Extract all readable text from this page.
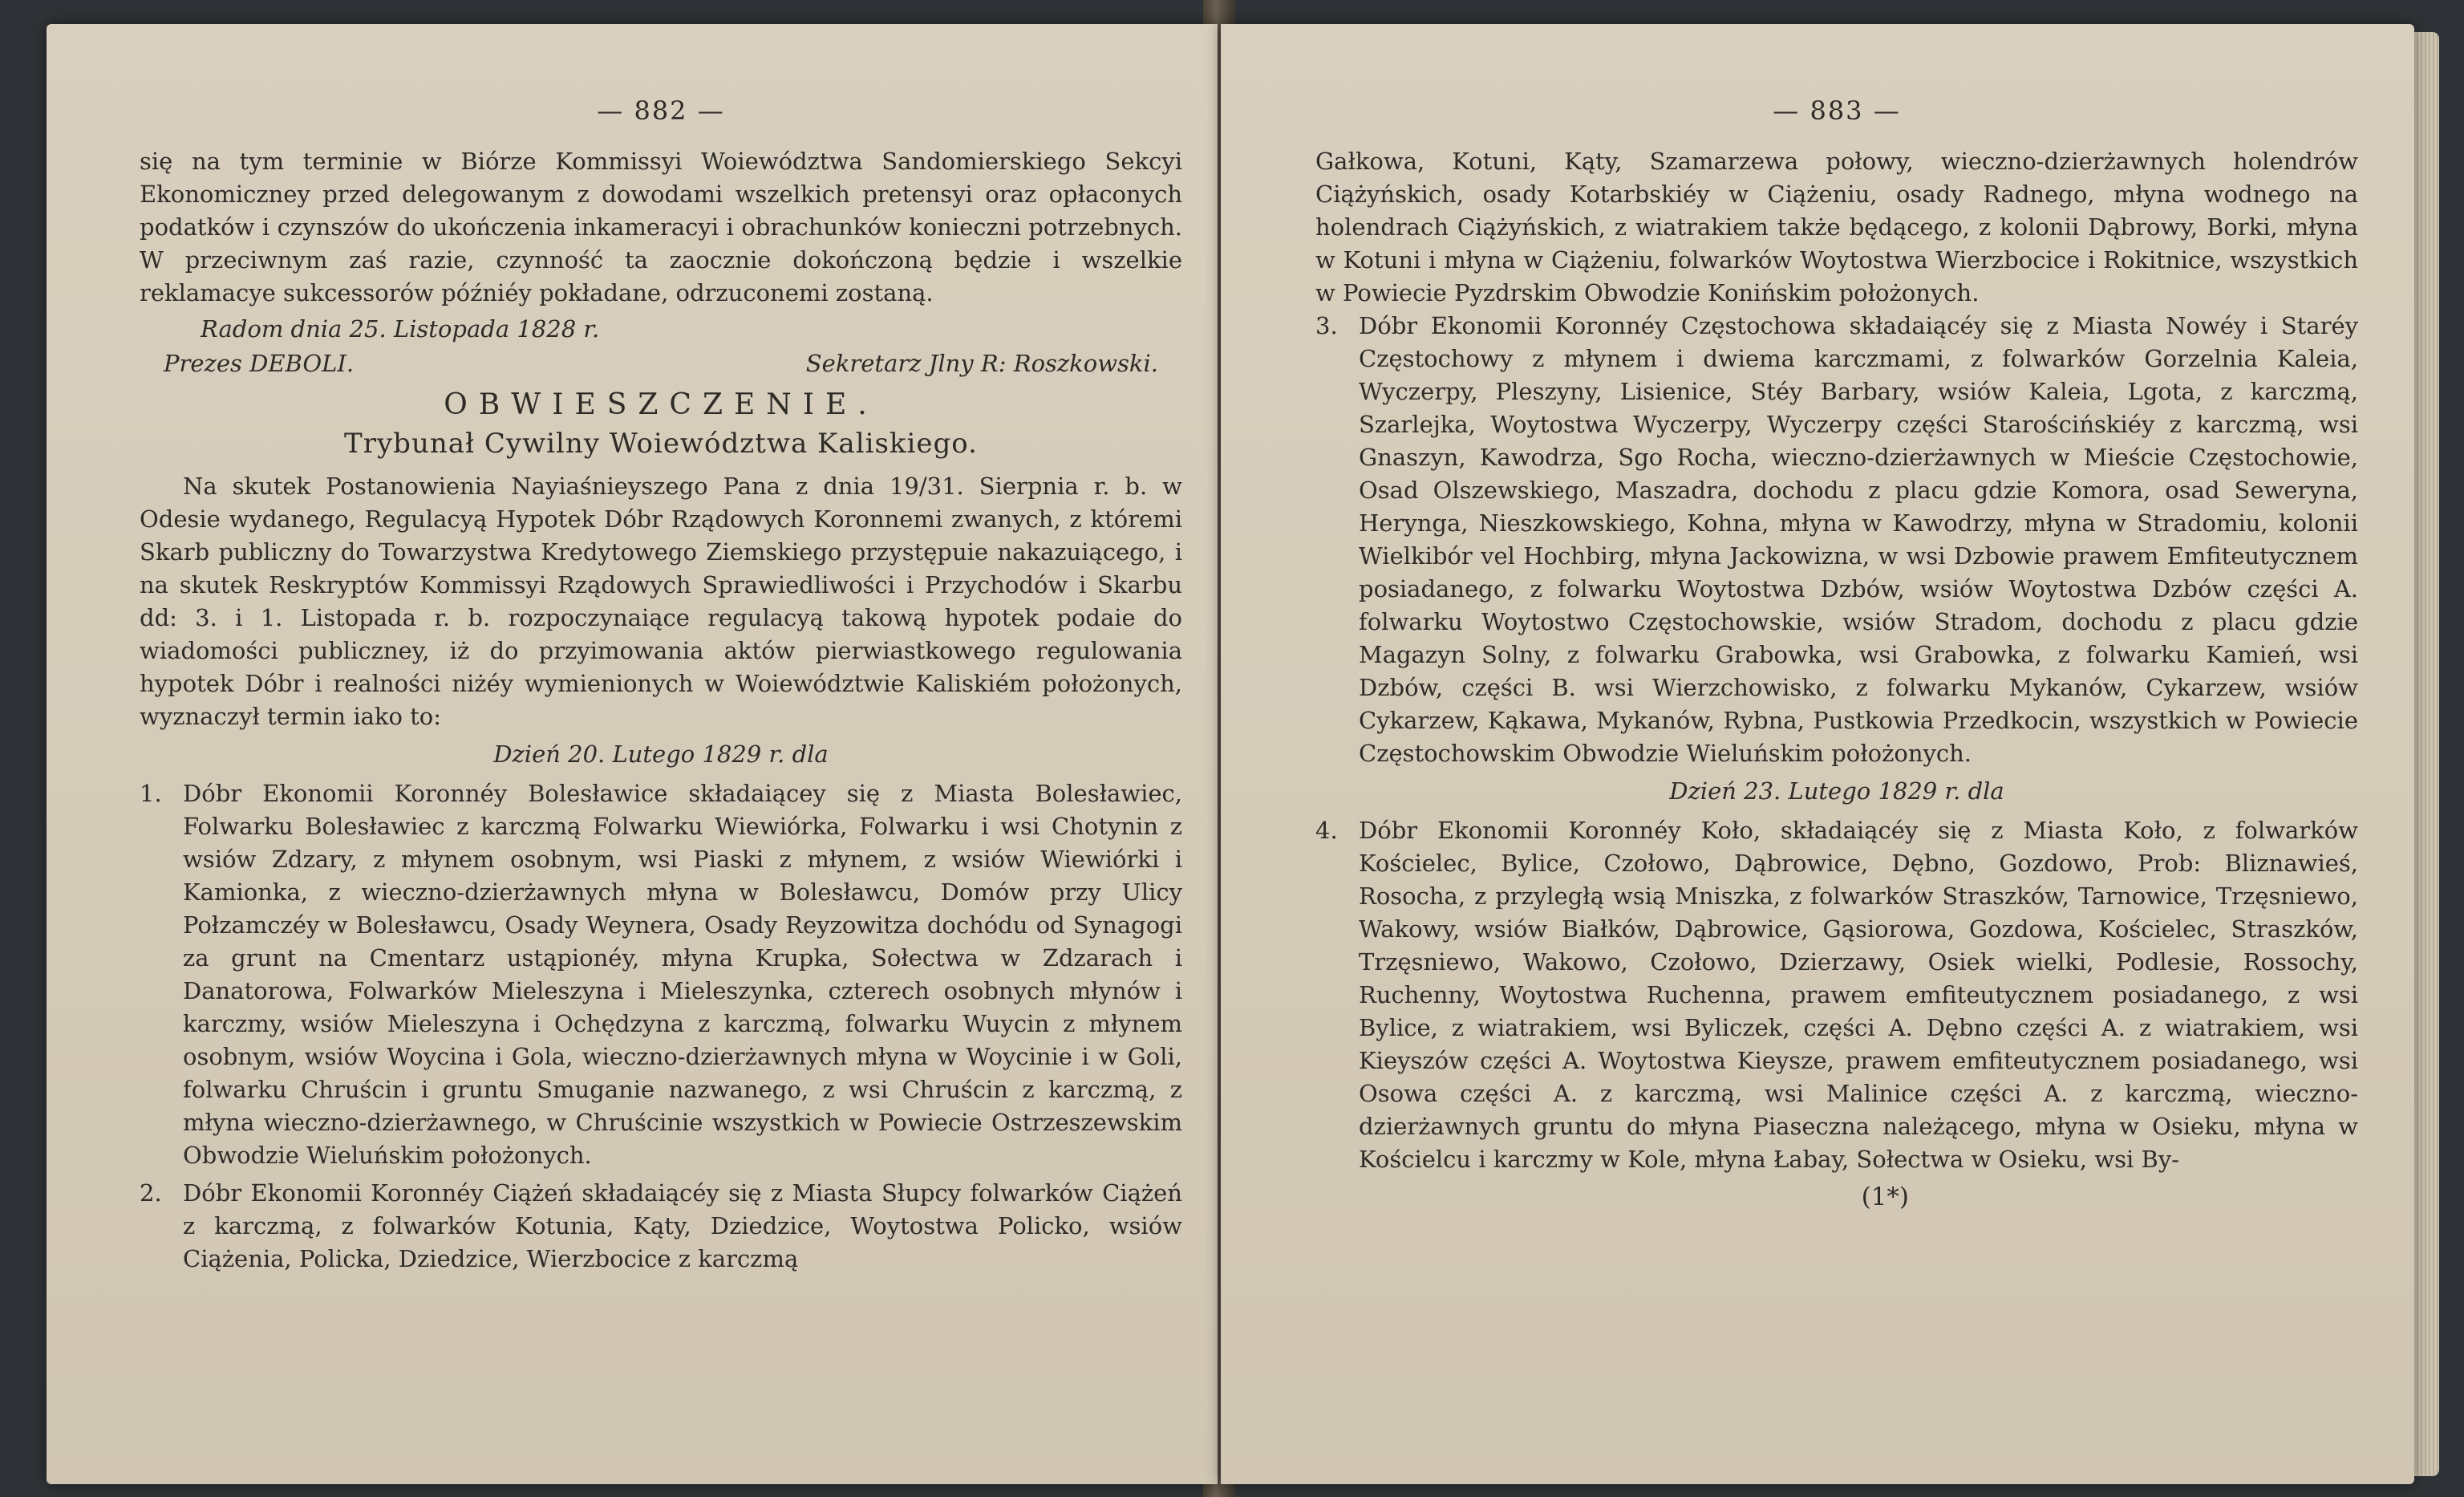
— 882 —

się na tym terminie w Biórze Kommissyi Woiewództwa Sandomierskiego Sekcyi Ekonomiczney przed delegowanym z dowodami wszelkich pretensyi oraz opłaconych podatków i czynszów do ukończenia inkameracyi i obrachunków konieczni potrzebnych. W przeciwnym zaś razie, czynność ta zaocznie dokończoną będzie i wszelkie reklamacye sukcessorów późniéy pokładane, odrzuconemi zostaną.

Radom dnia 25. Listopada 1828 r.
Prezes DEBOLI.	Sekretarz Jlny R: Roszkowski.
OBWIESZCZENIE.
Trybunał Cywilny Woiewództwa Kaliskiego.

Na skutek Postanowienia Nayiaśnieyszego Pana z dnia 19/31. Sierpnia r. b. w Odesie wydanego, Regulacyą Hypotek Dóbr Rządowych Koronnemi zwanych, z któremi Skarb publiczny do Towarzystwa Kredytowego Ziemskiego przystępuie nakazuiącego, i na skutek Reskryptów Kommissyi Rządowych Sprawiedliwości i Przychodów i Skarbu dd: 3. i 1. Listopada r. b. rozpoczynaiące regulacyą takową hypotek podaie do wiadomości publiczney, iż do przyimowania aktów pierwiastkowego regulowania hypotek Dóbr i realności niżéy wymienionych w Woiewództwie Kaliskiém położonych, wyznaczył termin iako to:

Dzień 20. Lutego 1829 r. dla
1. Dóbr Ekonomii Koronnéy Bolesławice składaiącey się z Miasta Bolesławiec, Folwarku Bolesławiec z karczmą Folwarku Wiewiórka, Folwarku i wsi Chotynin z wsiów Zdzary, z młynem osobnym, wsi Piaski z młynem, z wsiów Wiewiórki i Kamionka, z wieczno-dzierżawnych młyna w Bolesławcu, Domów przy Ulicy Połzamczéy w Bolesławcu, Osady Weynera, Osady Reyzowitza dochódu od Synagogi za grunt na Cmentarz ustąpionéy, młyna Krupka, Sołectwa w Zdzarach i Danatorowa, Folwarków Mieleszyna i Mieleszynka, czterech osobnych młynów i karczmy, wsiów Mieleszyna i Ochędzyna z karczmą, folwarku Wuycin z młynem osobnym, wsiów Woycina i Gola, wieczno-dzierżawnych młyna w Woycinie i w Goli, folwarku Chruścin i gruntu Smuganie nazwanego, z wsi Chruścin z karczmą, z młyna wieczno-dzierżawnego, w Chruścinie wszystkich w Powiecie Ostrzeszewskim Obwodzie Wieluńskim położonych.
2. Dóbr Ekonomii Koronnéy Ciążeń składaiącéy się z Miasta Słupcy folwarków Ciążeń z karczmą, z folwarków Kotunia, Kąty, Dziedzice, Woytostwa Policko, wsiów Ciążenia, Policka, Dziedzice, Wierzbocice z karczmą
— 883 —

Gałkowa, Kotuni, Kąty, Szamarzewa połowy, wieczno-dzierżawnych holendrów Ciążyńskich, osady Kotarbskiéy w Ciążeniu, osady Radnego, młyna wodnego na holendrach Ciążyńskich, z wiatrakiem także będącego, z kolonii Dąbrowy, Borki, młyna w Kotuni i młyna w Ciążeniu, folwarków Woytostwa Wierzbocice i Rokitnice, wszystkich w Powiecie Pyzdrskim Obwodzie Konińskim położonych.

3. Dóbr Ekonomii Koronnéy Częstochowa składaiącéy się z Miasta Nowéy i Staréy Częstochowy z młynem i dwiema karczmami, z folwarków Gorzelnia Kaleia, Wyczerpy, Pleszyny, Lisienice, Stéy Barbary, wsiów Kaleia, Lgota, z karczmą, Szarlejka, Woytostwa Wyczerpy, Wyczerpy części Starościńskiéy z karczmą, wsi Gnaszyn, Kawodrza, Sgo Rocha, wieczno-dzierżawnych w Mieście Częstochowie, Osad Olszewskiego, Maszadra, dochodu z placu gdzie Komora, osad Seweryna, Herynga, Nieszkowskiego, Kohna, młyna w Kawodrzy, młyna w Stradomiu, kolonii Wielkibór vel Hochbirg, młyna Jackowizna, w wsi Dzbowie prawem Emfiteutycznem posiadanego, z folwarku Woytostwa Dzbów, wsiów Woytostwa Dzbów części A. folwarku Woytostwo Częstochowskie, wsiów Stradom, dochodu z placu gdzie Magazyn Solny, z folwarku Grabowka, wsi Grabowka, z folwarku Kamień, wsi Dzbów, części B. wsi Wierzchowisko, z folwarku Mykanów, Cykarzew, wsiów Cykarzew, Kąkawa, Mykanów, Rybna, Pustkowia Przedkocin, wszystkich w Powiecie Częstochowskim Obwodzie Wieluńskim położonych.
Dzień 23. Lutego 1829 r. dla
4. Dóbr Ekonomii Koronnéy Koło, składaiącéy się z Miasta Koło, z folwarków Kościelec, Bylice, Czołowo, Dąbrowice, Dębno, Gozdowo, Prob: Bliznawieś, Rosocha, z przyległą wsią Mniszka, z folwarków Straszków, Tarnowice, Trzęsniewo, Wakowy, wsiów Białków, Dąbrowice, Gąsiorowa, Gozdowa, Kościelec, Straszków, Trzęsniewo, Wakowo, Czołowo, Dzierzawy, Osiek wielki, Podlesie, Rossochy, Ruchenny, Woytostwa Ruchenna, prawem emfiteutycznem posiadanego, z wsi Bylice, z wiatrakiem, wsi Byliczek, części A. Dębno części A. z wiatrakiem, wsi Kieyszów części A. Woytostwa Kieysze, prawem emfiteutycznem posiadanego, wsi Osowa części A. z karczmą, wsi Malinice części A. z karczmą, wieczno- dzierżawnych gruntu do młyna Piaseczna należącego, młyna w Osieku, młyna w Kościelcu i karczmy w Kole, młyna Łabay, Sołectwa w Osieku, wsi By-
(1*)
